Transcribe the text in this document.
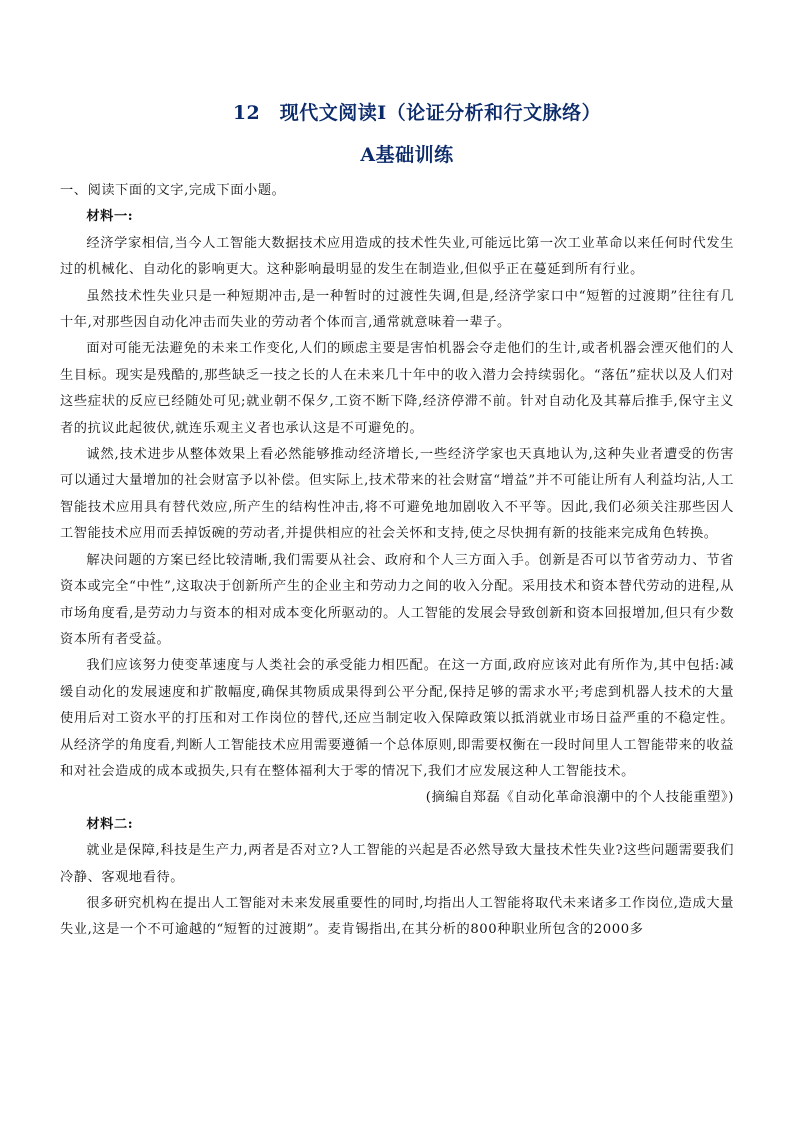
12　现代文阅读Ⅰ（论证分析和行文脉络）
A基础训练

一、阅读下面的文字,完成下面小题。

材料一:

经济学家相信,当今人工智能大数据技术应用造成的技术性失业,可能远比第一次工业革命以来任何时代发生过的机械化、自动化的影响更大。这种影响最明显的发生在制造业,但似乎正在蔓延到所有行业。

虽然技术性失业只是一种短期冲击,是一种暂时的过渡性失调,但是,经济学家口中“短暂的过渡期”往往有几十年,对那些因自动化冲击而失业的劳动者个体而言,通常就意味着一辈子。

面对可能无法避免的未来工作变化,人们的顾虑主要是害怕机器会夺走他们的生计,或者机器会湮灭他们的人生目标。现实是残酷的,那些缺乏一技之长的人在未来几十年中的收入潜力会持续弱化。“落伍”症状以及人们对这些症状的反应已经随处可见;就业朝不保夕,工资不断下降,经济停滞不前。针对自动化及其幕后推手,保守主义者的抗议此起彼伏,就连乐观主义者也承认这是不可避免的。

诚然,技术进步从整体效果上看必然能够推动经济增长,一些经济学家也天真地认为,这种失业者遭受的伤害可以通过大量增加的社会财富予以补偿。但实际上,技术带来的社会财富“增益”并不可能让所有人利益均沾,人工智能技术应用具有替代效应,所产生的结构性冲击,将不可避免地加剧收入不平等。因此,我们必须关注那些因人工智能技术应用而丢掉饭碗的劳动者,并提供相应的社会关怀和支持,使之尽快拥有新的技能来完成角色转换。

解决问题的方案已经比较清晰,我们需要从社会、政府和个人三方面入手。创新是否可以节省劳动力、节省资本或完全“中性”,这取决于创新所产生的企业主和劳动力之间的收入分配。采用技术和资本替代劳动的进程,从市场角度看,是劳动力与资本的相对成本变化所驱动的。人工智能的发展会导致创新和资本回报增加,但只有少数资本所有者受益。

我们应该努力使变革速度与人类社会的承受能力相匹配。在这一方面,政府应该对此有所作为,其中包括:减缓自动化的发展速度和扩散幅度,确保其物质成果得到公平分配,保持足够的需求水平;考虑到机器人技术的大量使用后对工资水平的打压和对工作岗位的替代,还应当制定收入保障政策以抵消就业市场日益严重的不稳定性。从经济学的角度看,判断人工智能技术应用需要遵循一个总体原则,即需要权衡在一段时间里人工智能带来的收益和对社会造成的成本或损失,只有在整体福利大于零的情况下,我们才应发展这种人工智能技术。

(摘编自郑磊《自动化革命浪潮中的个人技能重塑》)

材料二:

就业是保障,科技是生产力,两者是否对立?人工智能的兴起是否必然导致大量技术性失业?这些问题需要我们冷静、客观地看待。

很多研究机构在提出人工智能对未来发展重要性的同时,均指出人工智能将取代未来诸多工作岗位,造成大量失业,这是一个不可逾越的“短暂的过渡期”。麦肯锡指出,在其分析的800种职业所包含的2000多
